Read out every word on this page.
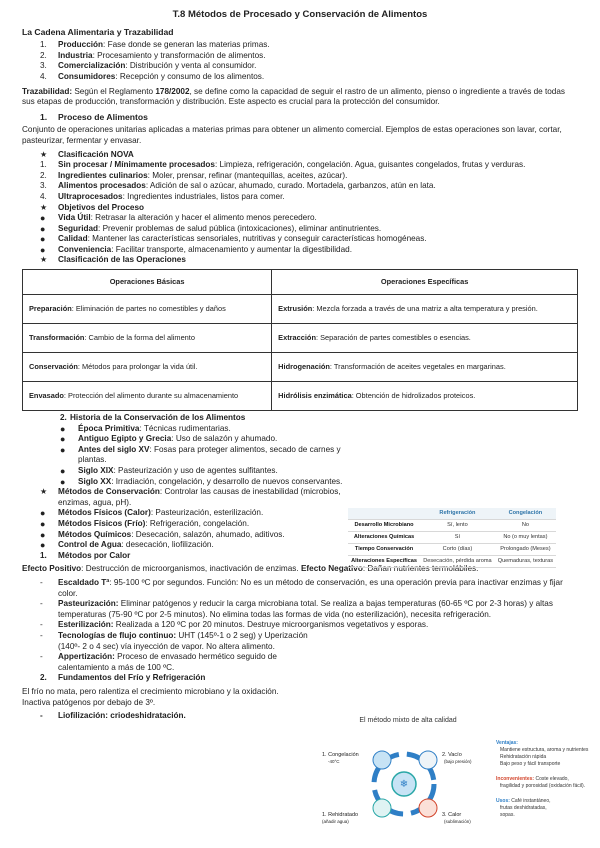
T.8 Métodos de Procesado y Conservación de Alimentos
La Cadena Alimentaria y Trazabilidad
1.	Producción: Fase donde se generan las materias primas.
2.	Industria: Procesamiento y transformación de alimentos.
3.	Comercialización: Distribución y venta al consumidor.
4.	Consumidores: Recepción y consumo de los alimentos.
Trazabilidad: Según el Reglamento 178/2002, se define como la capacidad de seguir el rastro de un alimento, pienso o ingrediente a través de todas sus etapas de producción, transformación y distribución. Este aspecto es crucial para la protección del consumidor.
1.	Proceso de Alimentos
Conjunto de operaciones unitarias aplicadas a materias primas para obtener un alimento comercial. Ejemplos de estas operaciones son lavar, cortar, pasteurizar, fermentar y envasar.
★	Clasificación NOVA
1.	Sin procesar / Mínimamente procesados: Limpieza, refrigeración, congelación. Agua, guisantes congelados, frutas y verduras.
2.	Ingredientes culinarios: Moler, prensar, refinar (mantequillas, aceites, azúcar).
3.	Alimentos procesados: Adición de sal o azúcar, ahumado, curado. Mortadela, garbanzos, atún en lata.
4.	Ultraprocesados: Ingredientes industriales, listos para comer.
★	Objetivos del Proceso
●	Vida Útil: Retrasar la alteración y hacer el alimento menos perecedero.
●	Seguridad: Prevenir problemas de salud pública (intoxicaciones), eliminar antinutrientes.
●	Calidad: Mantener las características sensoriales, nutritivas y conseguir características homogéneas.
●	Conveniencia: Facilitar transporte, almacenamiento y aumentar la digestibilidad.
★	Clasificación de las Operaciones
Operaciones Básicas	Operaciones Específicas
Preparación: Eliminación de partes no comestibles y daños	Extrusión: Mezcla forzada a través de una matriz a alta temperatura y presión.
Transformación: Cambio de la forma del alimento	Extracción: Separación de partes comestibles o esencias.
Conservación: Métodos para prolongar la vida útil.	Hidrogenación: Transformación de aceites vegetales en margarinas.
Envasado: Protección del alimento durante su almacenamiento	Hidrólisis enzimática: Obtención de hidrolizados proteicos.
2. Historia de la Conservación de los Alimentos
●	Época Primitiva: Técnicas rudimentarias.
●	Antiguo Egipto y Grecia: Uso de salazón y ahumado.
●	Antes del siglo XV: Fosas para proteger alimentos, secado de carnes y plantas.
●	Siglo XIX: Pasteurización y uso de agentes sulfitantes.
●	Siglo XX: Irradiación, congelación, y desarrollo de nuevos conservantes.
★	Métodos de Conservación: Controlar las causas de inestabilidad (microbios, enzimas, agua, pH).
●	Métodos Físicos (Calor): Pasteurización, esterilización.
●	Métodos Físicos (Frío): Refrigeración, congelación.
●	Métodos Químicos: Desecación, salazón, ahumado, aditivos.
●	Control de Agua: desecación, liofilización.
1.	Métodos por Calor
Efecto Positivo: Destrucción de microorganismos, inactivación de enzimas. Efecto Negativo: Dañan nutrientes termolábiles.
-	Escaldado Tª: 95-100 ºC por segundos. Función: No es un método de conservación, es una operación previa para inactivar enzimas y fijar color.
-	Pasteurización: Eliminar patógenos y reducir la carga microbiana total. Se realiza a bajas temperaturas (60-65 ºC por 2-3 horas) y altas temperaturas (75-90 ºC por 2-5 minutos). No elimina todas las formas de vida (no esterilización), necesita refrigeración.
-	Esterilización: Realizada a 120 ºC por 20 minutos. Destruye microorganismos vegetativos y esporas.
-	Tecnologías de flujo continuo: UHT (145º-1 o 2 seg) y Uperización (140º- 2 o 4 sec) vía inyección de vapor. No altera alimento.
-	Appertización: Proceso de envasado hermético seguido de calentamiento a más de 100 ºC.
2.	Fundamentos del Frío y Refrigeración
El frío no mata, pero ralentiza el crecimiento microbiano y la oxidación. Inactiva patógenos por debajo de 3º.
-	Liofilización: criodeshidratación.
	Refrigeración	Congelación
Desarrollo Microbiano	Sí, lento	No
Alteraciones Químicas	Sí	No (o muy lentas)
Tiempo Conservación	Corto (días)	Prolongado (Meses)
Alteraciones Específicas	Desecación, pérdida aroma	Quemaduras, texturas
El método mixto de alta calidad
❄
1. Congelación
-40°C
2. Vacío
(bajo presión)
3. Calor
(sublimación)
1. Rehidratado
(añadir agua)
Ventajas:
Mantiene estructura, aroma y nutrientes
Rehidratación rápida
Bajo peso y fácil transporte
Inconvenientes: Coste elevado,
fragilidad y porosidad (oxidación fácil).
Usos: Café instantáneo,
frutas deshidratadas,
sopas.
